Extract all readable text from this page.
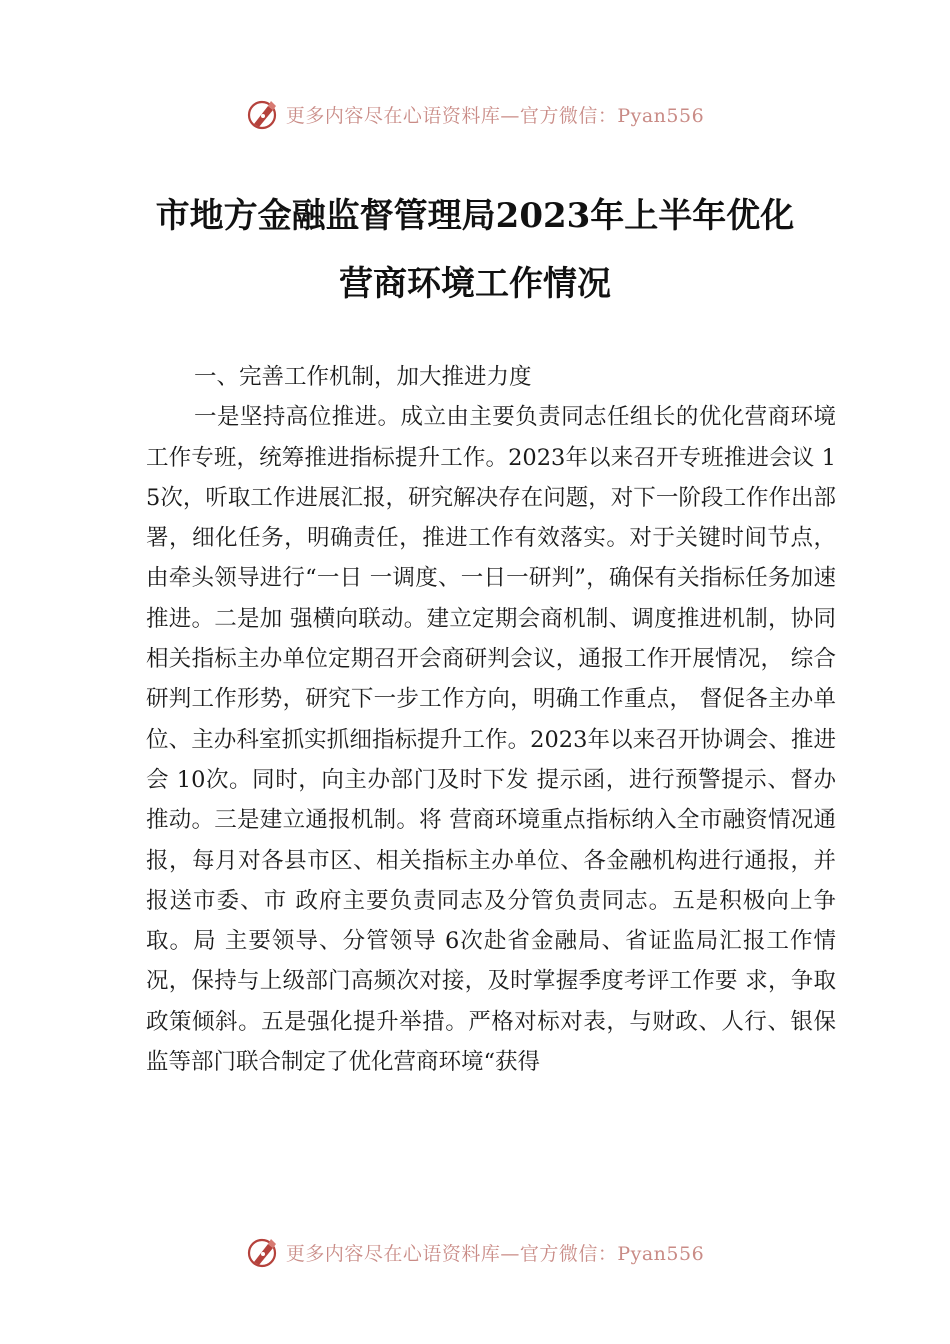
更多内容尽在心语资料库—官方微信：Pyan556
市地方金融监督管理局2023年上半年优化
营商环境工作情况

一、完善工作机制，加大推进力度

一是坚持高位推进。成立由主要负责同志任组长的优化营商环境工作专班，统筹推进指标提升工作。2023年以来召开专班推进会议 15次，听取工作进展汇报，研究解决存在问题，对下一阶段工作作出部署，细化任务，明确责任，推进工作有效落实。对于关键时间节点，由牵头领导进行“一日 一调度、一日一研判”，确保有关指标任务加速推进。二是加 强横向联动。建立定期会商机制、调度推进机制，协同相关指标主办单位定期召开会商研判会议，通报工作开展情况， 综合研判工作形势，研究下一步工作方向，明确工作重点， 督促各主办单位、主办科室抓实抓细指标提升工作。2023年以来召开协调会、推进会 10次。同时，向主办部门及时下发 提示函，进行预警提示、督办推动。三是建立通报机制。将 营商环境重点指标纳入全市融资情况通报，每月对各县市区、相关指标主办单位、各金融机构进行通报，并报送市委、市 政府主要负责同志及分管负责同志。五是积极向上争取。局 主要领导、分管领导 6次赴省金融局、省证监局汇报工作情况，保持与上级部门高频次对接，及时掌握季度考评工作要 求，争取政策倾斜。五是强化提升举措。严格对标对表，与财政、人行、银保监等部门联合制定了优化营商环境“获得

更多内容尽在心语资料库—官方微信：Pyan556
